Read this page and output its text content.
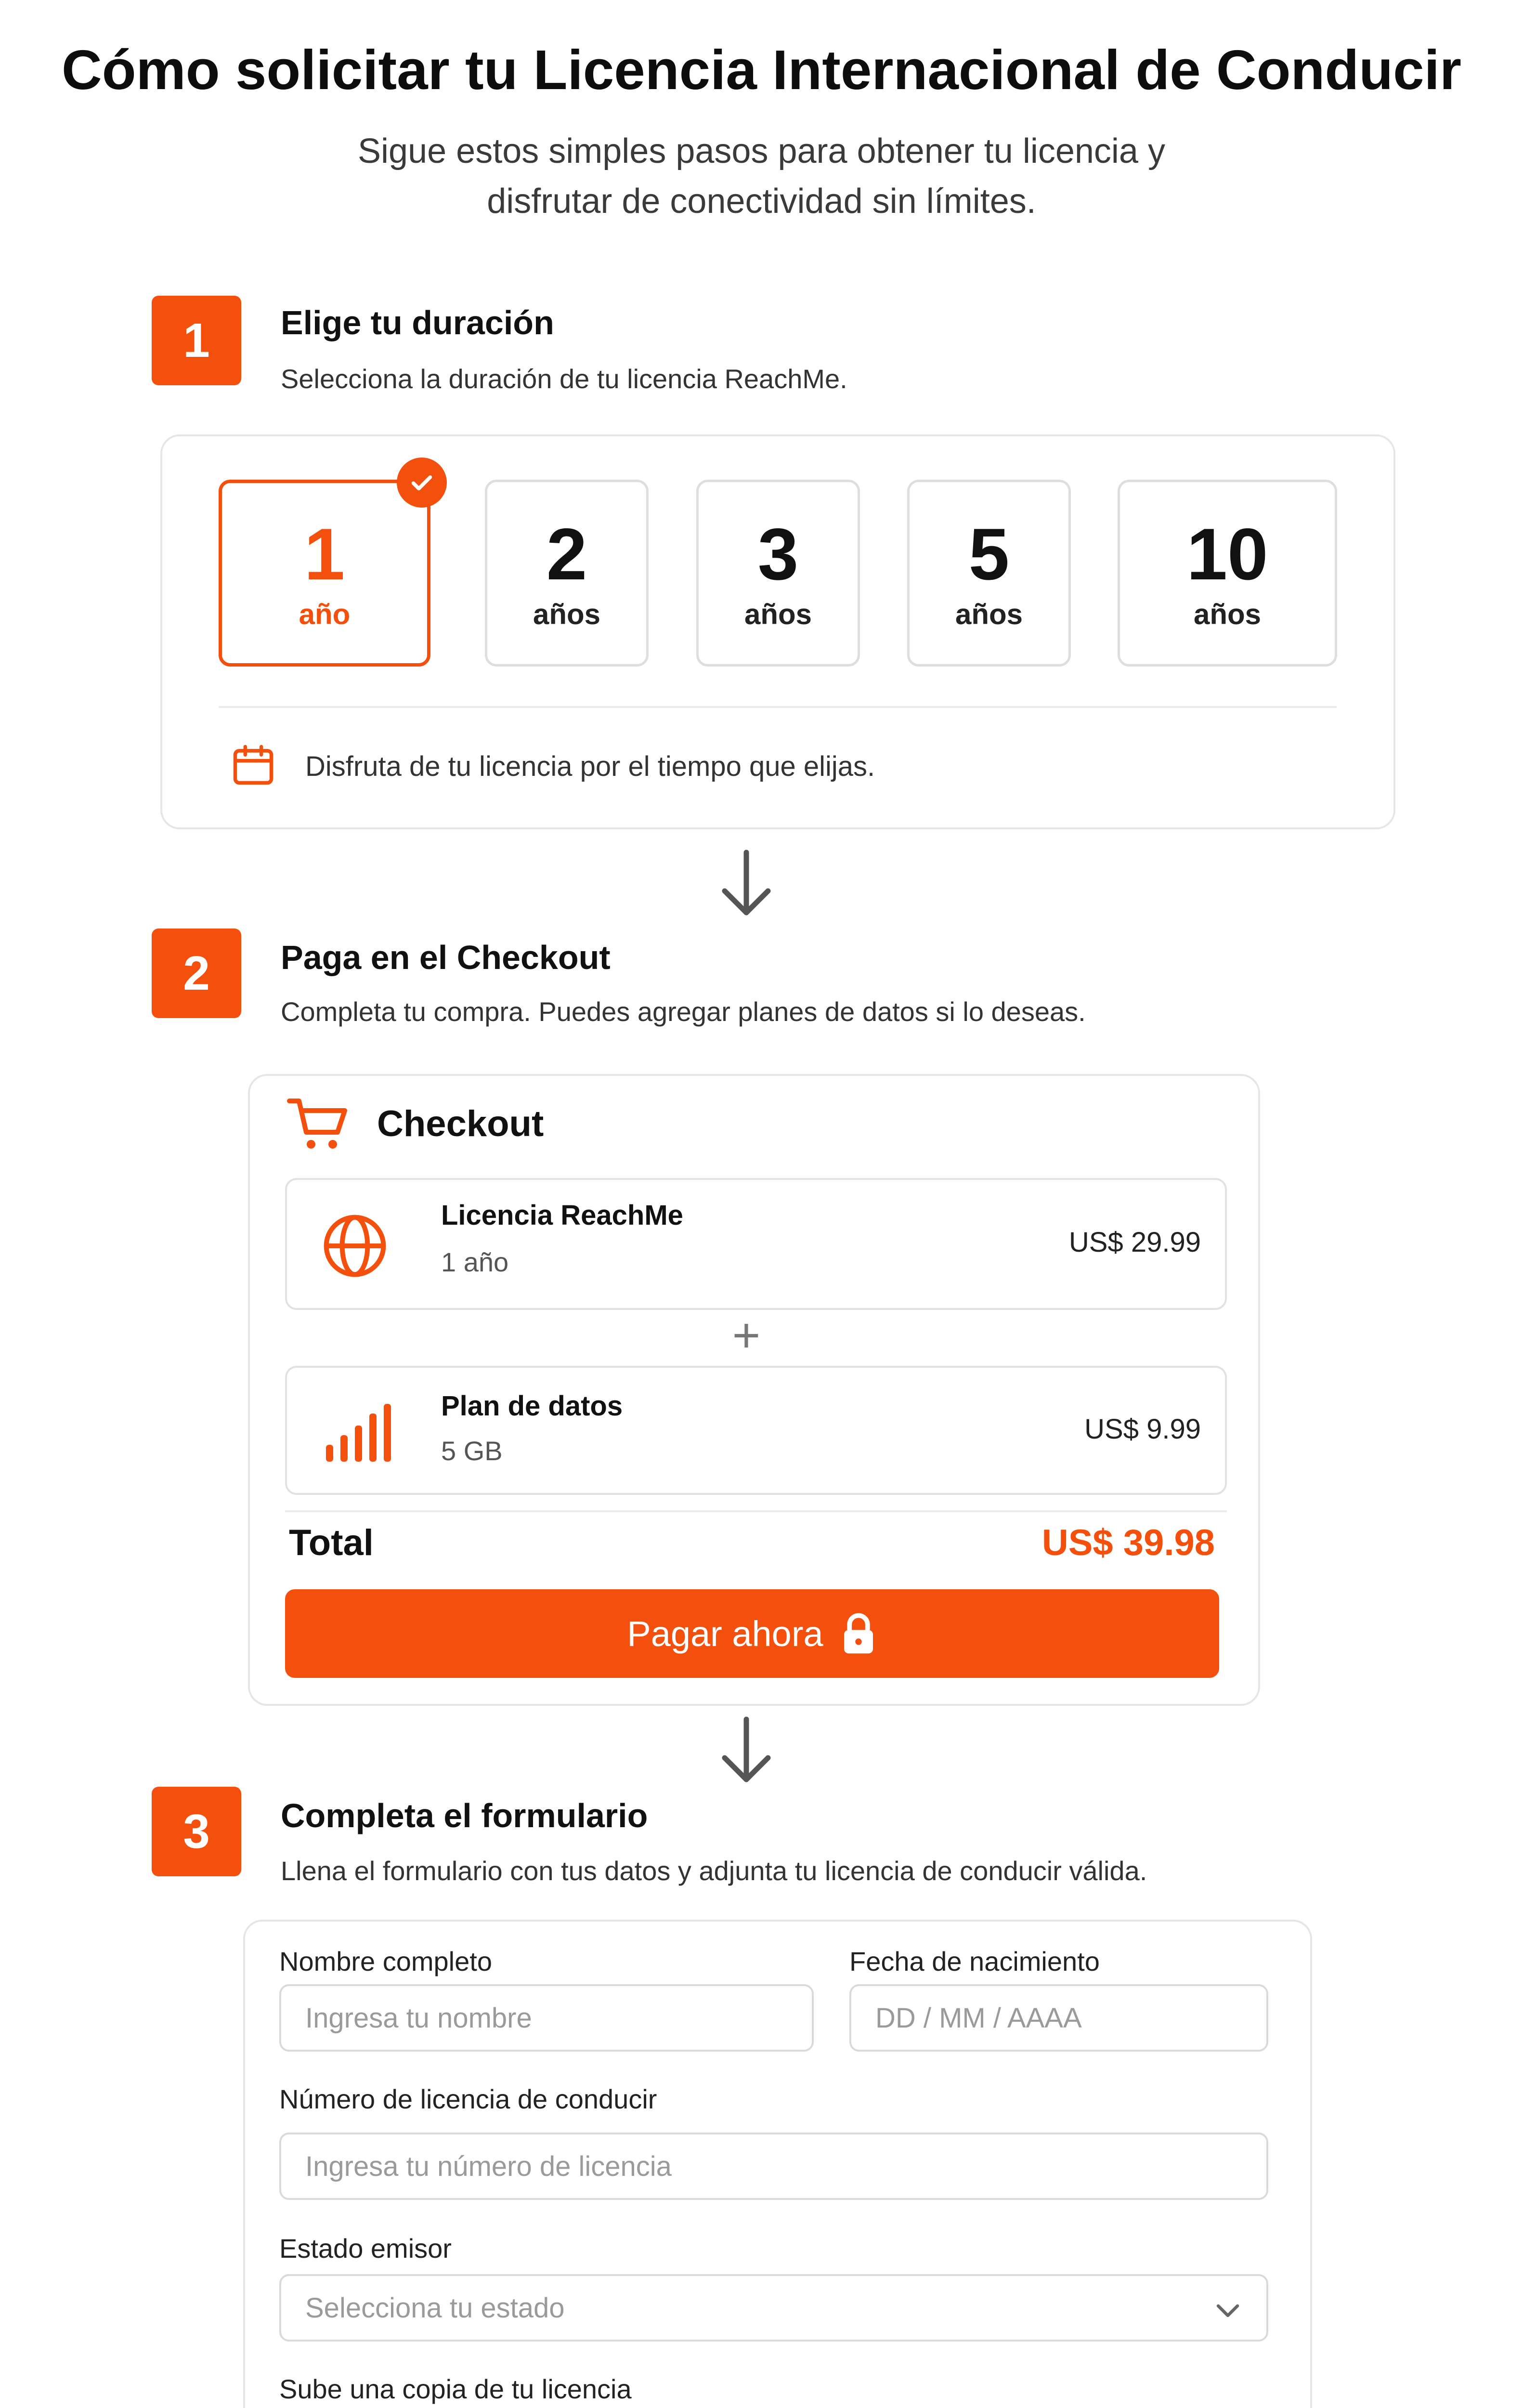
Cómo solicitar tu Licencia Internacional de Conducir
Sigue estos simples pasos para obtener tu licencia y
disfrutar de conectividad sin límites.
1	Elige tu duración
Selecciona la duración de tu licencia ReachMe.
1
año
2
años
3
años
5
años
10
años
Disfruta de tu licencia por el tiempo que elijas.
2	Paga en el Checkout
Completa tu compra. Puedes agregar planes de datos si lo deseas.
Checkout
Licencia ReachMe
1 año
US$ 29.99
+
Plan de datos
5 GB
US$ 9.99
Total	US$ 39.98
Pagar ahora
3	Completa el formulario
Llena el formulario con tus datos y adjunta tu licencia de conducir válida.
Nombre completo
Ingresa tu nombre
Fecha de nacimiento
DD / MM / AAAA
Número de licencia de conducir
Ingresa tu número de licencia
Estado emisor
Selecciona tu estado
Sube una copia de tu licencia
